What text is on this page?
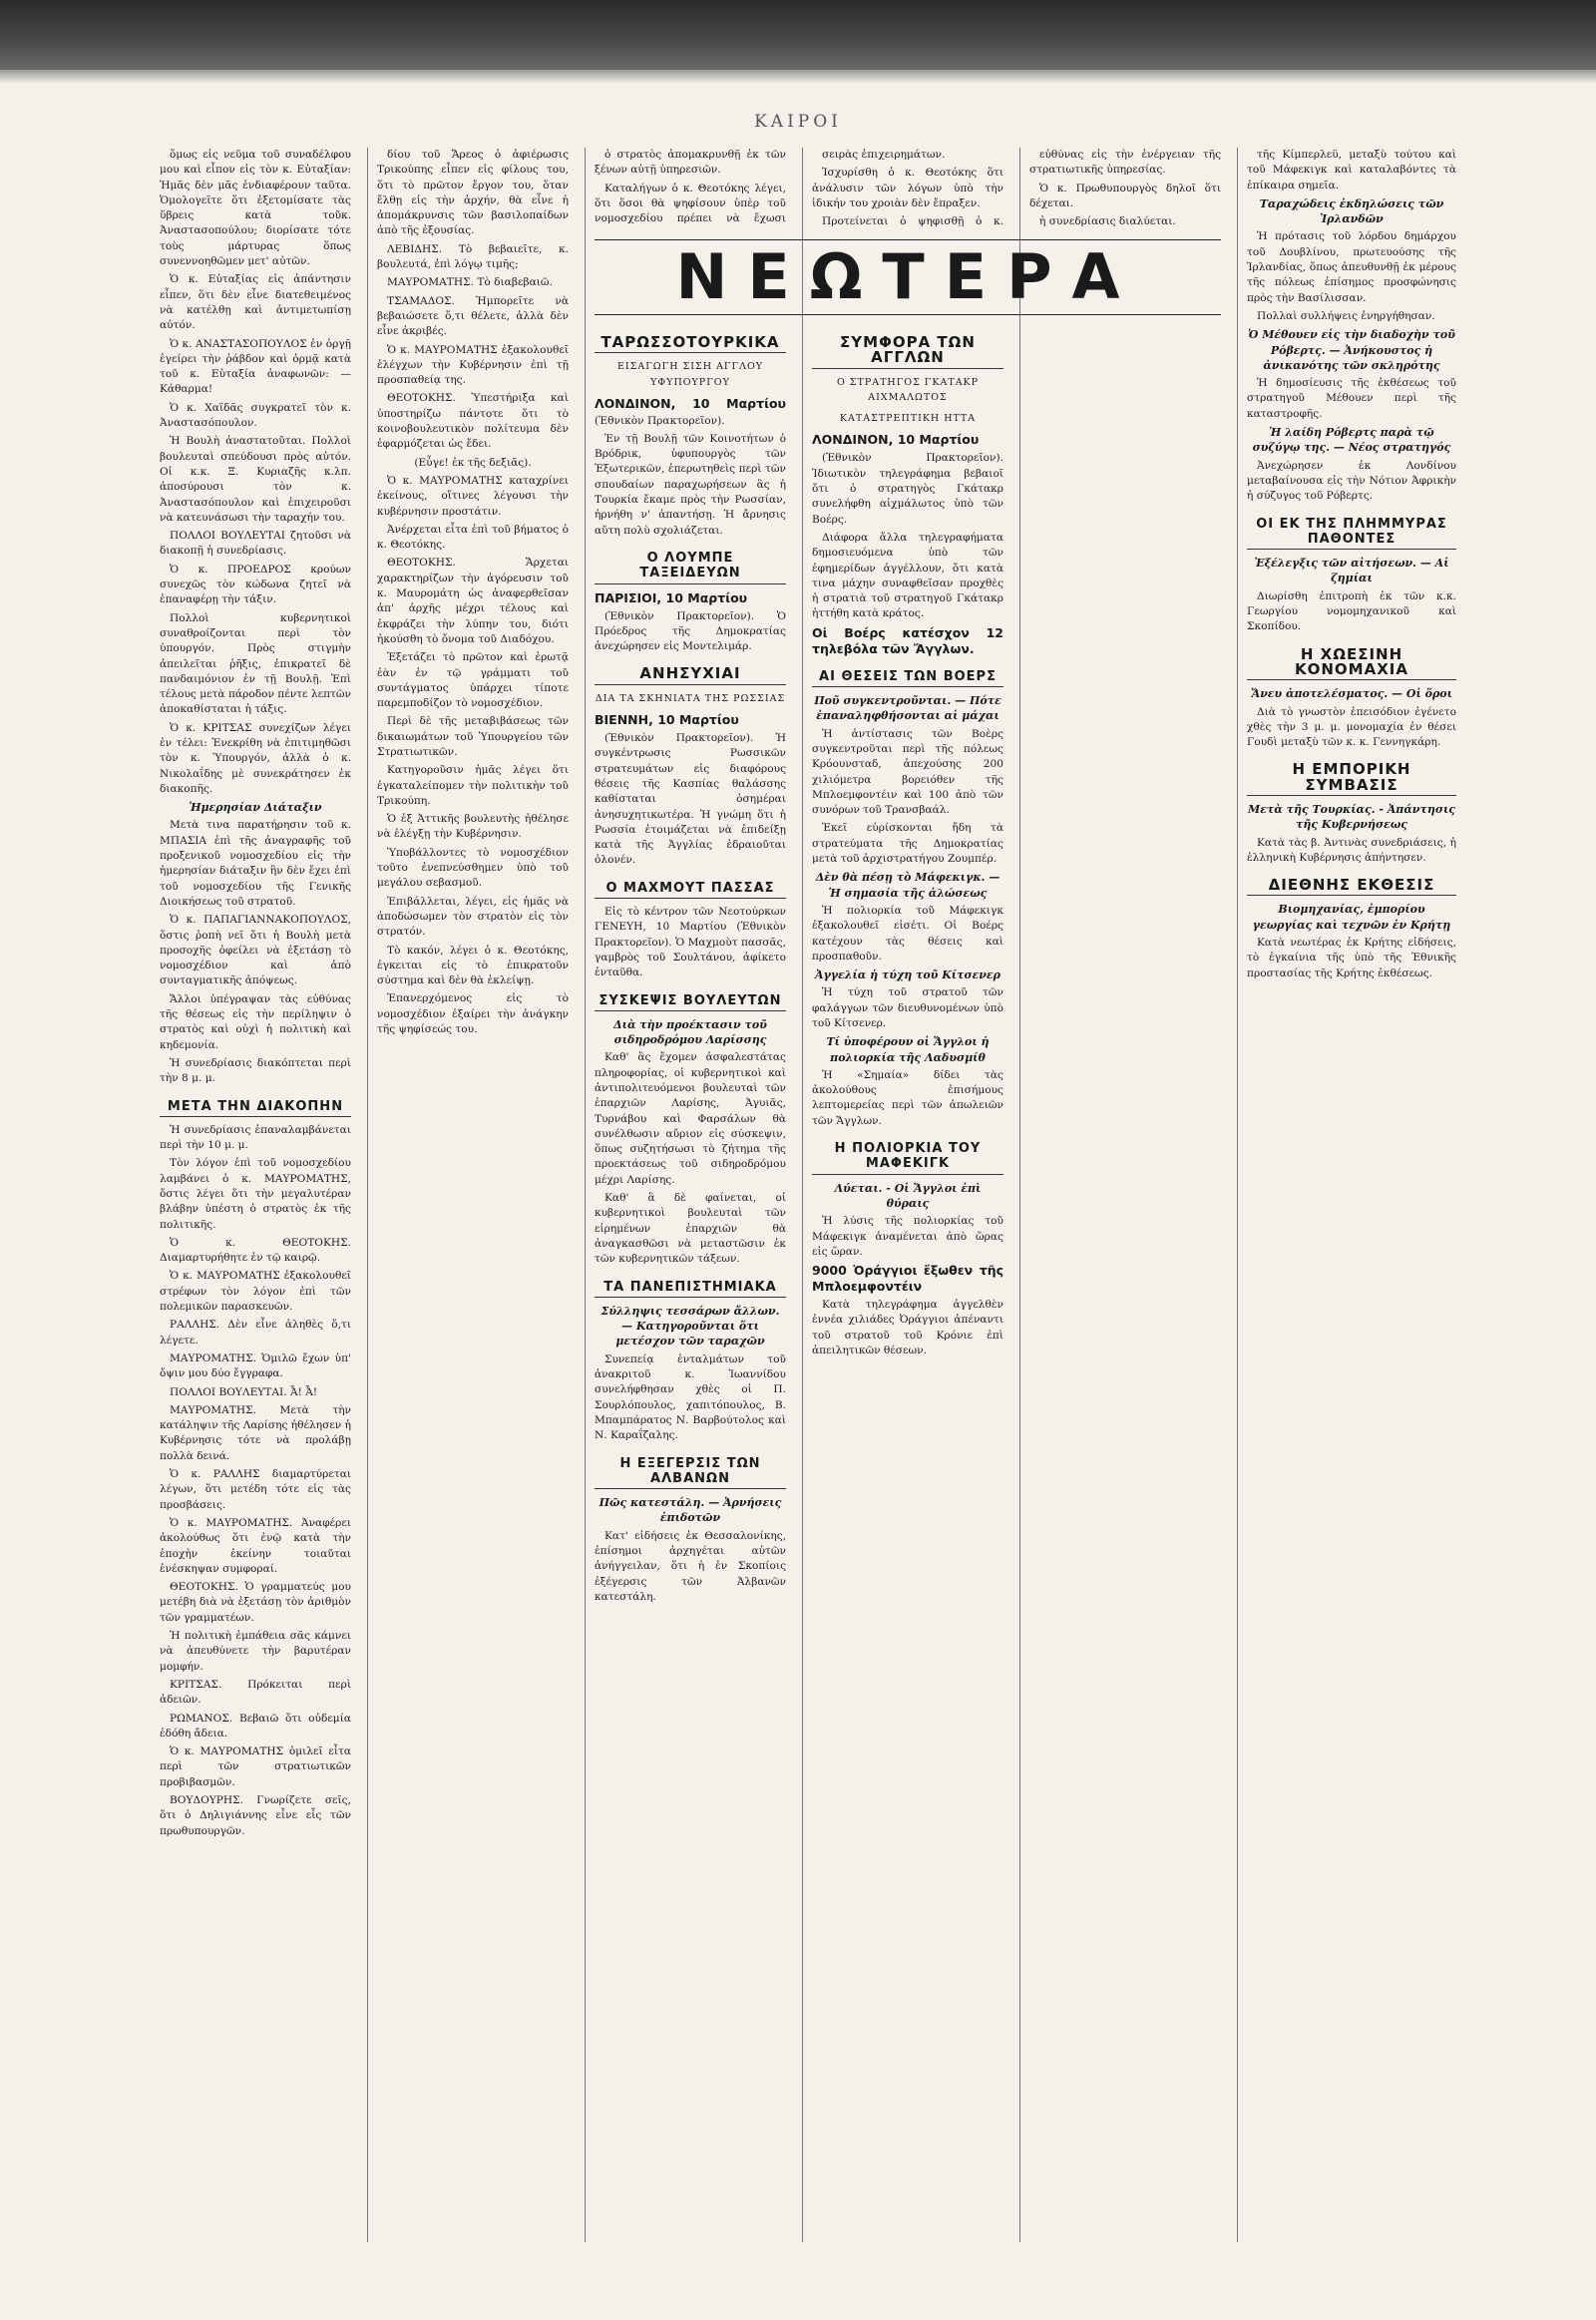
ΚΑΙΡΟΙ

ὅμως εἰς νεῦμα τοῦ συναδέλφου μου καὶ εἶπον εἰς τὸν κ. Εὐταξίαν: Ἡμᾶς δὲν μᾶς ἐνδιαφέρουν ταῦτα. Ὁμολογεῖτε ὅτι ἐξετομίσατε τὰς ὕβρεις κατὰ τοῦκ. Ἀναστασοπούλου; διορίσατε τότε τοὺς μάρτυρας ὅπως συνεννοηθῶμεν μετ' αὐτῶν.

Ὁ κ. Εὐταξίας εἰς ἀπάντησιν εἶπεν, ὅτι δὲν εἶνε διατεθειμένος νὰ κατέλθῃ καὶ ἀντιμετωπίσῃ αὐτόν.

Ὁ κ. ΑΝΑΣΤΑΣΟΠΟΥΛΟΣ ἐν ὀργῇ ἐγείρει τὴν ῥάβδον καὶ ὁρμᾷ κατὰ τοῦ κ. Εὐταξία ἀναφωνῶν: — Κάθαρμα!

Ὁ κ. Χαϊδᾶς συγκρατεῖ τὸν κ. Ἀναστασόπουλον.

Ἡ Βουλὴ ἀναστατοῦται. Πολλοὶ βουλευταὶ σπεύδουσι πρὸς αὐτόν. Οἱ κ.κ. Ξ. Κυριαζῆς κ.λπ. ἀποσύρουσι τὸν κ. Ἀναστασόπουλον καὶ ἐπιχειροῦσι νὰ κατευνάσωσι τὴν ταραχήν του.

ΠΟΛΛΟΙ ΒΟΥΛΕΥΤΑΙ ζητοῦσι νὰ διακοπῇ ἡ συνεδρίασις.

Ὁ κ. ΠΡΟΕΔΡΟΣ κρούων συνεχῶς τὸν κώδωνα ζητεῖ νὰ ἐπαναφέρῃ τὴν τάξιν.

Πολλοὶ κυβερνητικοὶ συναθροίζονται περὶ τὸν ὑπουργόν. Πρὸς στιγμὴν ἀπειλεῖται ῥῆξις, ἐπικρατεῖ δὲ πανδαιμόνιον ἐν τῇ Βουλῇ. Ἐπὶ τέλους μετὰ πάροδον πέντε λεπτῶν ἀποκαθίσταται ἡ τάξις.

Ὁ κ. ΚΡΙΤΣΑΣ συνεχίζων λέγει ἐν τέλει: Ἐνεκρίθη νὰ ἐπιτιμηθῶσι τὸν κ. Ὑπουργόν, ἀλλὰ ὁ κ. Νικολαΐδης μὲ συνεκράτησεν ἐκ διακοπῆς.

Ἡμερησίαν Διάταξιν

Μετὰ τινα παρατήρησιν τοῦ κ. ΜΠΑΣΙΑ ἐπὶ τῆς ἀναγραφῆς τοῦ προξενικοῦ νομοσχεδίου εἰς τὴν ἡμερησίαν διάταξιν ἣν δὲν ἔχει ἐπὶ τοῦ νομοσχεδίου τῆς Γενικῆς Διοικήσεως τοῦ στρατοῦ.

Ὁ κ. ΠΑΠΑΓΙΑΝΝΑΚΟΠΟΥΛΟΣ, ὅστις ῥοπὴ νεῖ ὅτι ἡ Βουλὴ μετὰ προσοχῆς ὀφείλει νὰ ἐξετάσῃ τὸ νομοσχέδιον καὶ ἀπὸ συνταγματικῆς ἀπόψεως.

Ἄλλοι ὑπέγραψαν τὰς εὐθύνας τῆς θέσεως εἰς τὴν περίληψιν ὁ στρατὸς καὶ οὐχὶ ἡ πολιτικὴ καὶ κηδεμονία.

Ἡ συνεδρίασις διακόπτεται περὶ τὴν 8 μ. μ.

ΜΕΤΑ ΤΗΝ ΔΙΑΚΟΠΗΝ

Ἡ συνεδρίασις ἐπαναλαμβάνεται περὶ τὴν 10 μ. μ.

Τὸν λόγον ἐπὶ τοῦ νομοσχεδίου λαμβάνει ὁ κ. ΜΑΥΡΟΜΑΤΗΣ, ὅστις λέγει ὅτι τὴν μεγαλυτέραν βλάβην ὑπέστη ὁ στρατὸς ἐκ τῆς πολιτικῆς.

Ὁ κ. ΘΕΟΤΟΚΗΣ. Διαμαρτυρήθητε ἐν τῷ καιρῷ.

Ὁ κ. ΜΑΥΡΟΜΑΤΗΣ ἐξακολουθεῖ στρέφων τὸν λόγον ἐπὶ τῶν πολεμικῶν παρασκευῶν.

ΡΑΛΛΗΣ. Δὲν εἶνε ἀληθὲς ὅ,τι λέγετε.

ΜΑΥΡΟΜΑΤΗΣ. Ὁμιλῶ ἔχων ὑπ' ὄψιν μου δύο ἔγγραφα.

ΠΟΛΛΟΙ ΒΟΥΛΕΥΤΑΙ. Ἆ! Ἆ!

ΜΑΥΡΟΜΑΤΗΣ. Μετὰ τὴν κατάληψιν τῆς Λαρίσης ἠθέλησεν ἡ Κυβέρνησις τότε νὰ προλάβῃ πολλὰ δεινά.

Ὁ κ. ΡΑΛΛΗΣ διαμαρτύρεται λέγων, ὅτι μετέδη τότε εἰς τὰς προσβάσεις.

Ὁ κ. ΜΑΥΡΟΜΑΤΗΣ. Ἀναφέρει ἀκολούθως ὅτι ἐνῷ κατὰ τὴν ἐποχὴν ἐκείνην τοιαῦται ἐνέσκηψαν συμφοραί.

ΘΕΟΤΟΚΗΣ. Ὁ γραμματεύς μου μετέβη διὰ νὰ ἐξετάσῃ τὸν ἀριθμὸν τῶν γραμματέων.

Ἡ πολιτικὴ ἐμπάθεια σᾶς κάμνει νὰ ἀπευθύνετε τὴν βαρυτέραν μομφήν.

ΚΡΙΤΣΑΣ. Πρόκειται περὶ ἀδειῶν.

ΡΩΜΑΝΟΣ. Βεβαιῶ ὅτι οὐδεμία ἐδόθη ἄδεια.

Ὁ κ. ΜΑΥΡΟΜΑΤΗΣ ὁμιλεῖ εἶτα περὶ τῶν στρατιωτικῶν προβιβασμῶν.

ΒΟΥΔΟΥΡΗΣ. Γνωρίζετε σεῖς, ὅτι ὁ Δηλιγιάννης εἶνε εἷς τῶν πρωθυπουργῶν.

δίου τοῦ Ἄρεος ὁ ἀφιέρωσις Τρικούπης εἶπεν εἰς φίλους του, ὅτι τὸ πρῶτον ἔργον του, ὅταν ἔλθῃ εἰς τὴν ἀρχήν, θὰ εἶνε ἡ ἀπομάκρυνσις τῶν βασιλοπαίδων ἀπὸ τῆς ἐξουσίας.

ΛΕΒΙΔΗΣ. Τὸ βεβαιεῖτε, κ. βουλευτά, ἐπὶ λόγῳ τιμῆς;

ΜΑΥΡΟΜΑΤΗΣ. Τὸ διαβεβαιῶ.

ΤΣΑΜΑΔΟΣ. Ἠμπορεῖτε νὰ βεβαιώσετε ὅ,τι θέλετε, ἀλλὰ δὲν εἶνε ἀκριβές.

Ὁ κ. ΜΑΥΡΟΜΑΤΗΣ ἐξακολουθεῖ ἐλέγχων τὴν Κυβέρνησιν ἐπὶ τῇ προσπαθείᾳ της.

ΘΕΟΤΟΚΗΣ. Ὑπεστήριξα καὶ ὑποστηρίζω πάντοτε ὅτι τὸ κοινοβουλευτικὸν πολίτευμα δὲν ἐφαρμόζεται ὡς ἔδει.

(Εὖγε! ἐκ τῆς δεξιᾶς).

Ὁ κ. ΜΑΥΡΟΜΑΤΗΣ καταχρίνει ἐκείνους, οἵτινες λέγουσι τὴν κυβέρνησιν προστάτιν.

Ἀνέρχεται εἶτα ἐπὶ τοῦ βήματος ὁ κ. Θεοτόκης.

ΘΕΟΤΟΚΗΣ. Ἄρχεται χαρακτηρίζων τὴν ἀγόρευσιν τοῦ κ. Μαυρομάτη ὡς ἀναφερθεῖσαν ἀπ' ἀρχῆς μέχρι τέλους καὶ ἐκφράζει τὴν λύπην του, διότι ἠκούσθη τὸ ὄνομα τοῦ Διαδόχου.

Ἐξετάζει τὸ πρῶτον καὶ ἐρωτᾷ ἐὰν ἐν τῷ γράμματι τοῦ συντάγματος ὑπάρχει τίποτε παρεμποδίζον τὸ νομοσχέδιον.

Περὶ δὲ τῆς μεταβιβάσεως τῶν δικαιωμάτων τοῦ Ὑπουργείου τῶν Στρατιωτικῶν.

Κατηγοροῦσιν ἡμᾶς λέγει ὅτι ἐγκαταλείπομεν τὴν πολιτικὴν τοῦ Τρικούπη.

Ὁ ἐξ Ἀττικῆς βουλευτὴς ἠθέλησε νὰ ἐλέγξῃ τὴν Κυβέρνησιν.

Ὑποβάλλοντες τὸ νομοσχέδιον τοῦτο ἐνεπνεύσθημεν ὑπὸ τοῦ μεγάλου σεβασμοῦ.

Ἐπιβάλλεται, λέγει, εἰς ἡμᾶς νὰ ἀποδώσωμεν τὸν στρατὸν εἰς τὸν στρατόν.

Τὸ κακόν, λέγει ὁ κ. Θεοτόκης, ἐγκειται εἰς τὸ ἐπικρατοῦν σύστημα καὶ δὲν θὰ ἐκλείψῃ.

Ἐπανερχόμενος εἰς τὸ νομοσχέδιον ἐξαίρει τὴν ἀνάγκην τῆς ψηφίσεώς του.

ὁ στρατὸς ἀπομακρυνθῇ ἐκ τῶν ξένων αὐτῇ ὑπηρεσιῶν.

Καταλήγων ὁ κ. Θεοτόκης λέγει, ὅτι ὅσοι θὰ ψηφίσουν ὑπὲρ τοῦ νομοσχεδίου πρέπει νὰ ἔχωσι

σειρὰς ἐπιχειρημάτων.

Ἰσχυρίσθη ὁ κ. Θεοτόκης ὅτι ἀνάλυσιν τῶν λόγων ὑπὸ τὴν ἰδικήν του χροιὰν δὲν ἔπραξεν.

Προτείνεται ὁ ψηφισθῇ ὁ κ.

εὐθύνας εἰς τὴν ἐνέργειαν τῆς στρατιωτικῆς ὑπηρεσίας.

Ὁ κ. Πρωθυπουργὸς δηλοῖ ὅτι δέχεται.

ἡ συνεδρίασις διαλύεται.

ΝΕΩΤΕΡΑ
ΤΑΡΩΣΣΟΤΟΥΡΚΙΚΑ
ΕΙΣΑΓΩΓΗ ΣΙΣΗ ΑΓΓΛΟΥ ΥΦΥΠΟΥΡΓΟΥ

ΛΟΝΔΙΝΟΝ, 10 Μαρτίου (Ἐθνικὸν Πρακτορεῖον).

Ἐν τῇ Βουλῇ τῶν Κοινοτήτων ὁ Βρόδρικ, ὑφυπουργὸς τῶν Ἐξωτερικῶν, ἐπερωτηθεὶς περὶ τῶν σπουδαίων παραχωρήσεων ἃς ἡ Τουρκία ἔκαμε πρὸς τὴν Ρωσσίαν, ἠρνήθη ν' ἀπαντήσῃ. Ἡ ἄρνησις αὕτη πολὺ σχολιάζεται.

Ο ΛΟΥΜΠΕ ΤΑΞΕΙΔΕΥΩΝ

ΠΑΡΙΣΙΟΙ, 10 Μαρτίου

(Ἐθνικὸν Πρακτορεῖον). Ὁ Πρόεδρος τῆς Δημοκρατίας ἀνεχώρησεν εἰς Μοντελιμάρ.

ΑΝΗΣΥΧΙΑΙ
ΔΙΑ ΤΑ ΣΚΗΝΙΑΤΑ ΤΗΣ ΡΩΣΣΙΑΣ

ΒΙΕΝΝΗ, 10 Μαρτίου

(Ἐθνικὸν Πρακτορεῖον). Ἡ συγκέντρωσις Ρωσσικῶν στρατευμάτων εἰς διαφόρους θέσεις τῆς Κασπίας θαλάσσης καθίσταται ὁσημέραι ἀνησυχητικωτέρα. Ἡ γνώμη ὅτι ἡ Ρωσσία ἐτοιμάζεται νὰ ἐπιδείξῃ κατὰ τῆς Ἀγγλίας ἑδραιοῦται ὁλονέν.

Ο ΜΑΧΜΟΥΤ ΠΑΣΣΑΣ

Εἰς τὸ κέντρον τῶν Νεοτούρκων ΓΕΝΕΥΗ, 10 Μαρτίου (Ἐθνικὸν Πρακτορεῖον). Ὁ Μαχμοὺτ πασσᾶς, γαμβρὸς τοῦ Σουλτάνου, ἀφίκετο ἐνταῦθα.

ΣΥΣΚΕΨΙΣ ΒΟΥΛΕΥΤΩΝ

Διὰ τὴν προέκτασιν τοῦ σιδηροδρόμου Λαρίσσης

Καθ' ἃς ἔχομεν ἀσφαλεστάτας πληροφορίας, οἱ κυβερνητικοὶ καὶ ἀντιπολιτευόμενοι βουλευταὶ τῶν ἐπαρχιῶν Λαρίσης, Ἀγυιᾶς, Τυρνάβου καὶ Φαρσάλων θὰ συνέλθωσιν αὔριον εἰς σύσκεψιν, ὅπως συζητήσωσι τὸ ζήτημα τῆς προεκτάσεως τοῦ σιδηροδρόμου μέχρι Λαρίσης.

Καθ' ἃ δὲ φαίνεται, οἱ κυβερνητικοὶ βουλευταὶ τῶν εἰρημένων ἐπαρχιῶν θὰ ἀναγκασθῶσι νὰ μεταστῶσιν ἐκ τῶν κυβερνητικῶν τάξεων.

ΤΑ ΠΑΝΕΠΙΣΤΗΜΙΑΚΑ

Σύλληψις τεσσάρων ἄλλων. — Κατηγοροῦνται ὅτι μετέσχον τῶν ταραχῶν

Συνεπείᾳ ἐνταλμάτων τοῦ ἀνακριτοῦ κ. Ἰωαννίδου συνελήφθησαν χθὲς οἱ Π. Σουρλόπουλος, χαπιτόπουλος, Β. Μπαμπάρατος Ν. Βαρβούτολος καὶ Ν. Καραΐζαλης.

Η ΕΞΕΓΕΡΣΙΣ ΤΩΝ ΑΛΒΑΝΩΝ

Πῶς κατεστάλη. — Ἀρνήσεις ἐπιδοτῶν

Κατ' εἰδήσεις ἐκ Θεσσαλονίκης, ἐπίσημοι ἀρχηγέται αὐτῶν ἀνήγγειλαν, ὅτι ἡ ἐν Σκοπίοις ἐξέγερσις τῶν Ἀλβανῶν κατεστάλη.

ΣΥΜΦΟΡΑ ΤΩΝ ΑΓΓΛΩΝ
Ο ΣΤΡΑΤΗΓΟΣ ΓΚΑΤΑΚΡ ΑΙΧΜΑΛΩΤΟΣ
ΚΑΤΑΣΤΡΕΠΤΙΚΗ ΗΤΤΑ

ΛΟΝΔΙΝΟΝ, 10 Μαρτίου

(Ἐθνικὸν Πρακτορεῖον). Ἰδιωτικὸν τηλεγράφημα βεβαιοῖ ὅτι ὁ στρατηγὸς Γκάτακρ συνελήφθη αἰχμάλωτος ὑπὸ τῶν Βοέρς.

Διάφορα ἄλλα τηλεγραφήματα δημοσιευόμενα ὑπὸ τῶν ἐφημερίδων ἀγγέλλουν, ὅτι κατὰ τινα μάχην συναφθεῖσαν προχθὲς ἡ στρατιὰ τοῦ στρατηγοῦ Γκάτακρ ἡττήθη κατὰ κράτος.

Οἱ Βοέρς κατέσχον 12 τηλεβόλα τῶν Ἄγγλων.

ΑΙ ΘΕΣΕΙΣ ΤΩΝ ΒΟΕΡΣ

Ποῦ συγκεντροῦνται. — Πότε ἐπαναληφθήσονται αἱ μάχαι

Ἡ ἀντίστασις τῶν Βοὲρς συγκεντροῦται περὶ τῆς πόλεως Κρόουνσταδ, ἀπεχούσης 200 χιλιόμετρα βορειόθεν τῆς Μπλοεμφοντέιν καὶ 100 ἀπὸ τῶν συνόρων τοῦ Τρανσβαάλ.

Ἐκεῖ εὑρίσκονται ἤδη τὰ στρατεύματα τῆς Δημοκρατίας μετὰ τοῦ ἀρχιστρατήγου Ζουμπέρ.

Δὲν θὰ πέσῃ τὸ Μάφεκιγκ. — Ἡ σημασία τῆς ἀλώσεως

Ἡ πολιορκία τοῦ Μάφεκιγκ ἐξακολουθεῖ εἰσέτι. Οἱ Βοέρς κατέχουν τὰς θέσεις καὶ προσπαθοῦν.

Ἀγγελία ἡ τύχη τοῦ Κίτσενερ

Ἡ τύχη τοῦ στρατοῦ τῶν φαλάγγων τῶν διευθυνομένων ὑπὸ τοῦ Κίτσενερ.

Τί ὑποφέρουν οἱ Ἄγγλοι ἡ πολιορκία τῆς Λαδυσμίθ

Ἡ «Σημαία» δίδει τὰς ἀκολούθους ἐπισήμους λεπτομερείας περὶ τῶν ἀπωλειῶν τῶν Ἄγγλων.

Η ΠΟΛΙΟΡΚΙΑ ΤΟΥ ΜΑΦΕΚΙΓΚ

Λύεται. - Οἱ Ἄγγλοι ἐπὶ θύραις

Ἡ λύσις τῆς πολιορκίας τοῦ Μάφεκιγκ ἀναμένεται ἀπὸ ὥρας εἰς ὥραν.

9000 Ὀράγγιοι ἔξωθεν τῆς Μπλοεμφοντέιν

Κατὰ τηλεγράφημα ἀγγελθὲν ἐννέα χιλιάδες Ὀράγγιοι ἀπέναντι τοῦ στρατοῦ τοῦ Κρόνιε ἐπὶ ἀπειλητικῶν θέσεων.

τῆς Κίμπερλεϋ, μεταξὺ τούτου καὶ τοῦ Μάφεκιγκ καὶ καταλαβόντες τὰ ἐπίκαιρα σημεῖα.

Ταραχώδεις ἐκδηλώσεις τῶν Ἰρλανδῶν

Ἡ πρότασις τοῦ λόρδου δημάρχου τοῦ Δουβλίνου, πρωτευούσης τῆς Ἰρλανδίας, ὅπως ἀπευθυνθῇ ἐκ μέρους τῆς πόλεως ἐπίσημος προσφώνησις πρὸς τὴν Βασίλισσαν.

Πολλαὶ συλλήψεις ἐνηργήθησαν.

Ὁ Μέθουεν εἰς τὴν διαδοχὴν τοῦ Ρόβερτς. — Ἀνήκουστος ἡ ἀνικανότης τῶν σκληρότης

Ἡ δημοσίευσις τῆς ἐκθέσεως τοῦ στρατηγοῦ Μέθουεν περὶ τῆς καταστροφῆς.

Ἡ λαίδη Ρόβερτς παρὰ τῷ συζύγῳ της. — Νέος στρατηγός

Ἀνεχώρησεν ἐκ Λονδίνου μεταβαίνουσα εἰς τὴν Νότιον Ἀφρικὴν ἡ σύζυγος τοῦ Ρόβερτς.

ΟΙ ΕΚ ΤΗΣ ΠΛΗΜΜΥΡΑΣ ΠΑΘΟΝΤΕΣ

Ἐξέλεγξις τῶν αἰτήσεων. — Αἱ ζημίαι

Διωρίσθη ἐπιτροπὴ ἐκ τῶν κ.κ. Γεωργίου νομομηχανικοῦ καὶ Σκοπίδου.

Η ΧΩΕΣΙΝΗ ΚΟΝΟΜΑΧΙΑ

Ἄνευ ἀποτελέσματος. — Οἱ ὅροι

Διὰ τὸ γνωστὸν ἐπεισόδιον ἐγένετο χθὲς τὴν 3 μ. μ. μονομαχία ἐν θέσει Γουδὶ μεταξὺ τῶν κ. κ. Γεννηγκάρη.

Η ΕΜΠΟΡΙΚΗ ΣΥΜΒΑΣΙΣ

Μετὰ τῆς Τουρκίας. - Ἀπάντησις τῆς Κυβερνήσεως

Κατὰ τὰς β. Ἀντινὰς συνεδριάσεις, ἡ ἑλληνικὴ Κυβέρνησις ἀπήντησεν.

ΔΙΕΘΝΗΣ ΕΚΘΕΣΙΣ

Βιομηχανίας, ἐμπορίου γεωργίας καὶ τεχνῶν ἐν Κρήτῃ

Κατὰ νεωτέρας ἐκ Κρήτης εἰδήσεις, τὸ ἐγκαίνια τῆς ὑπὸ τῆς Ἐθνικῆς προστασίας τῆς Κρήτης ἐκθέσεως.
